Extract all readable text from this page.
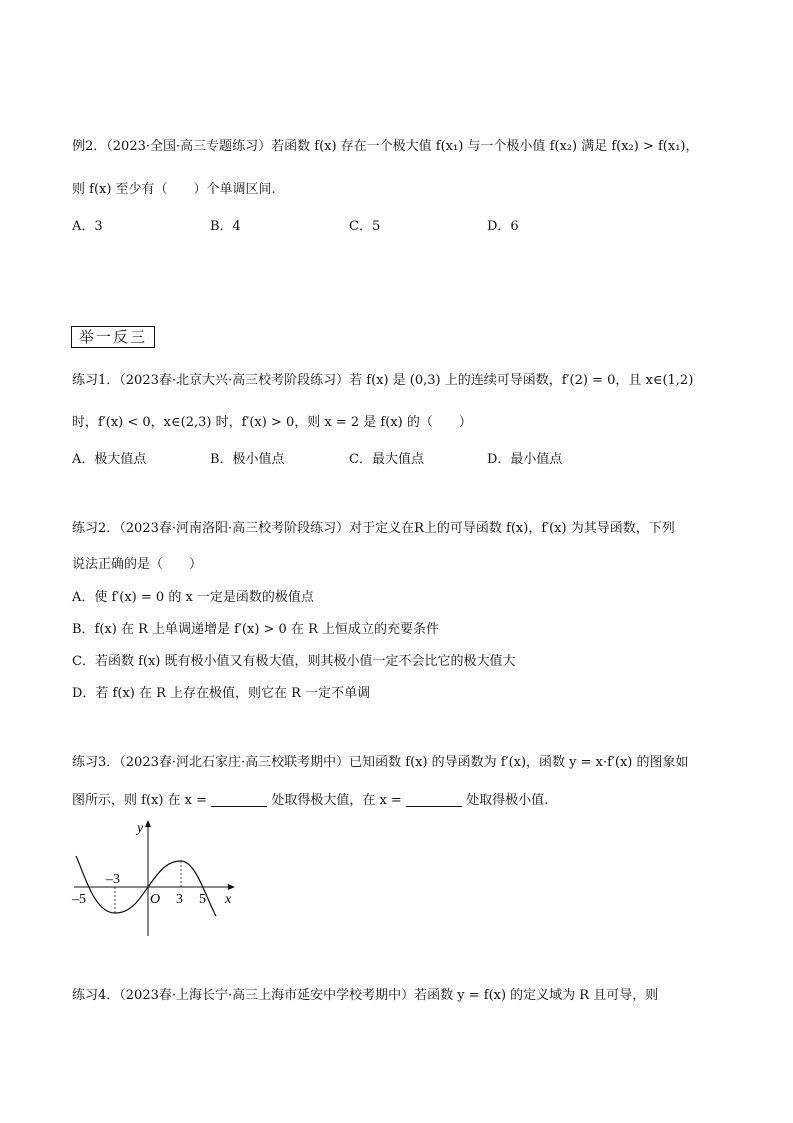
例2．（2023·全国·高三专题练习）若函数 f(x) 存在一个极大值 f(x₁) 与一个极小值 f(x₂) 满足 f(x₂) > f(x₁)，
则 f(x) 至少有（　　）个单调区间.
A．3	B．4	C．5	D．6
举一反三
练习1．（2023春·北京大兴·高三校考阶段练习）若 f(x) 是 (0,3) 上的连续可导函数，f′(2) = 0，且 x∈(1,2)
时，f′(x) < 0，x∈(2,3) 时，f′(x) > 0，则 x = 2 是 f(x) 的（　　）
A．极大值点	B．极小值点	C．最大值点	D．最小值点
练习2．（2023春·河南洛阳·高三校考阶段练习）对于定义在R上的可导函数 f(x)，f′(x) 为其导函数，下列
说法正确的是（　　）
A．使 f′(x) = 0 的 x 一定是函数的极值点
B．f(x) 在 R 上单调递增是 f′(x) > 0 在 R 上恒成立的充要条件
C．若函数 f(x) 既有极小值又有极大值，则其极小值一定不会比它的极大值大
D．若 f(x) 在 R 上存在极值，则它在 R 一定不单调
练习3．（2023春·河北石家庄·高三校联考期中）已知函数 f(x) 的导函数为 f′(x)，函数 y = x·f′(x) 的图象如
图所示，则 f(x) 在 x =	处取得极大值，在 x =	处取得极小值.
y
x
O
–5
–3
3 5
练习4．（2023春·上海长宁·高三上海市延安中学校考期中）若函数 y = f(x) 的定义域为 R 且可导，则
